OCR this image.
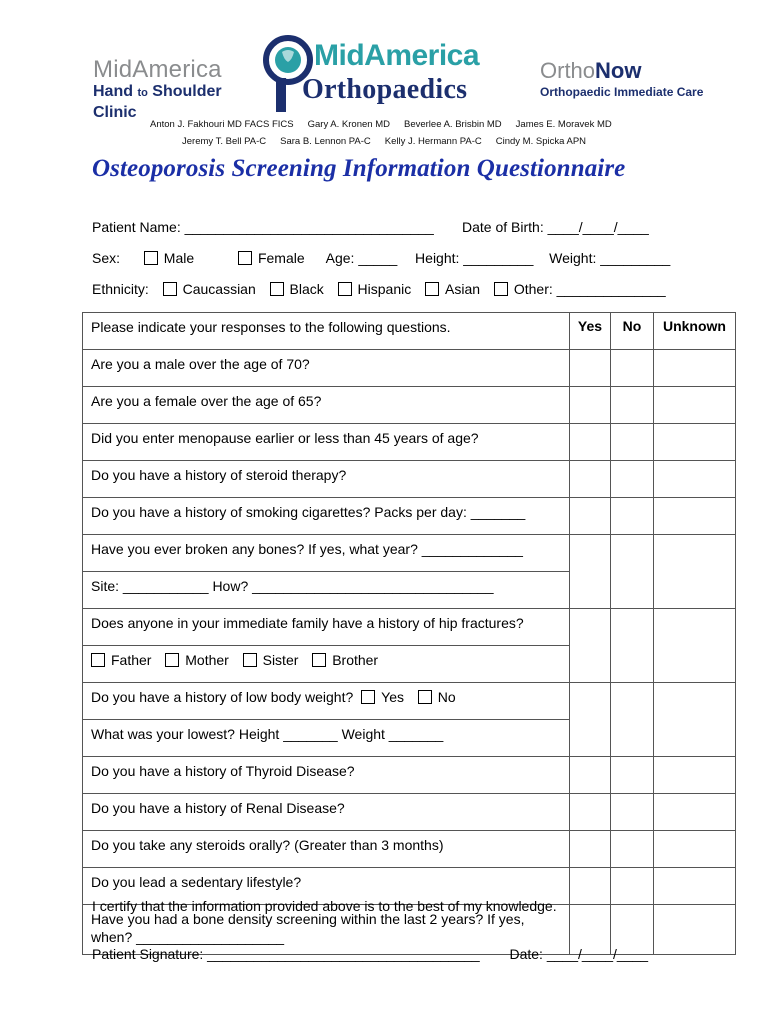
MidAmerica
Hand to Shoulder Clinic
MidAmerica
Orthopaedics
OrthoNow
Orthopaedic Immediate Care
Anton J. Fakhouri MD FACS FICS Gary A. Kronen MD Beverlee A. Brisbin MD James E. Moravek MD
Jeremy T. Bell PA-C Sara B. Lennon PA-C Kelly J. Hermann PA-C Cindy M. Spicka APN
Osteoporosis Screening Information Questionnaire
Patient Name: ________________________________ Date of Birth: ____/____/____
Sex:	Male	Female Age: _____ Height: _________ Weight: _________
Ethnicity: Caucassian Black Hispanic Asian Other: ______________
Please indicate your responses to the following questions.	Yes	No	Unknown
Are you a male over the age of 70?			
Are you a female over the age of 65?			
Did you enter menopause earlier or less than 45 years of age?			
Do you have a history of steroid therapy?			
Do you have a history of smoking cigarettes? Packs per day: _______			
Have you ever broken any bones? If yes, what year? _____________			
Site: ___________ How? _______________________________			
Does anyone in your immediate family have a history of hip fractures?			
Father Mother Sister Brother			
Do you have a history of low body weight? Yes No			
What was your lowest? Height _______ Weight _______			
Do you have a history of Thyroid Disease?			
Do you have a history of Renal Disease?			
Do you take any steroids orally? (Greater than 3 months)			
Do you lead a sedentary lifestyle?			

Have you had a bone density screening within the last 2 years? If yes,
when? ___________________			

I certify that the information provided above is to the best of my knowledge.
Patient Signature: ___________________________________ Date: ____/____/____
